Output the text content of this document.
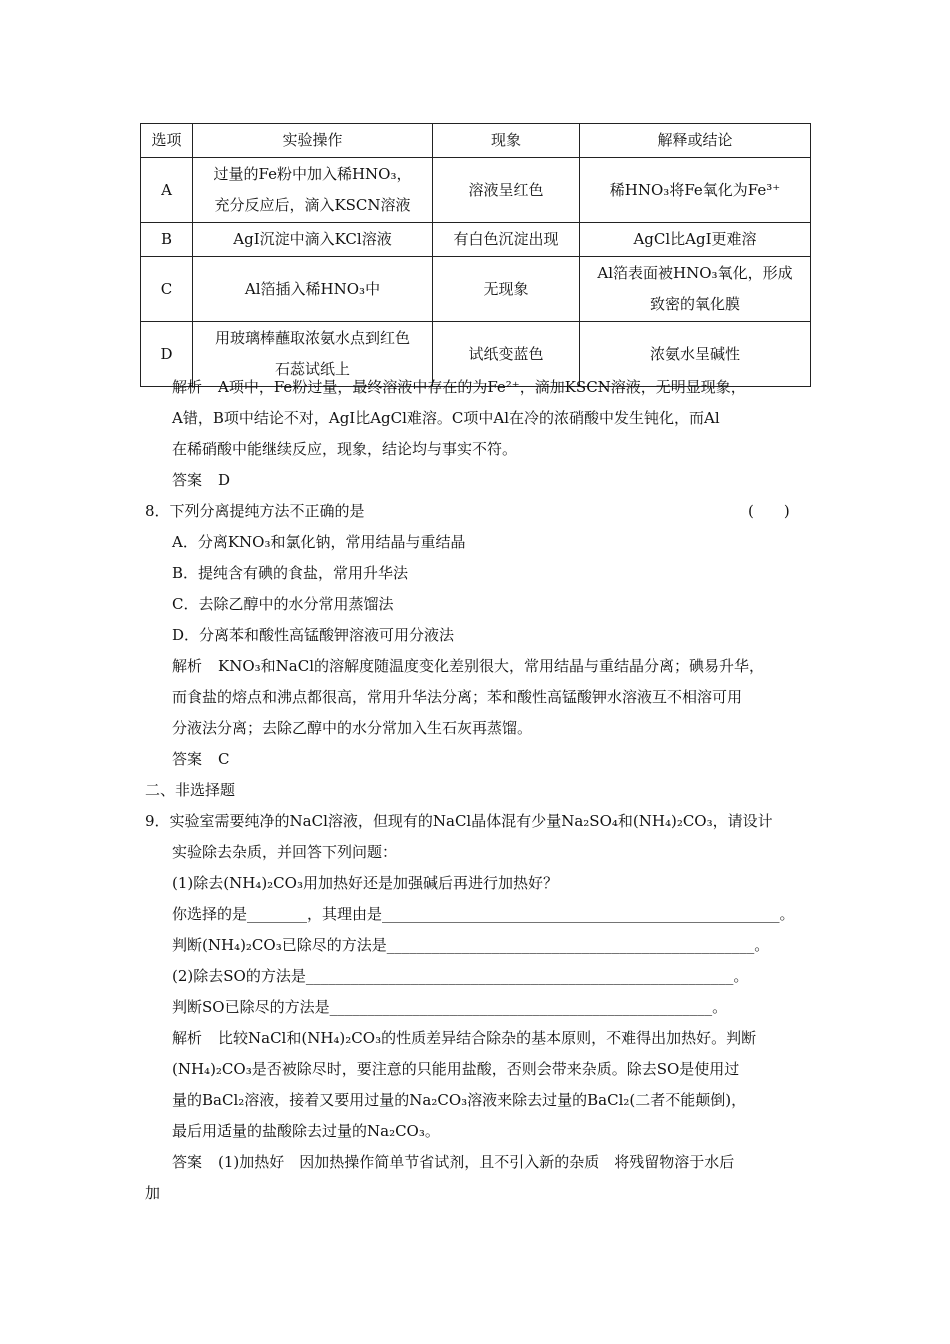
选项	实验操作	现象	解释或结论
A	过量的Fe粉中加入稀HNO₃，
充分反应后，滴入KSCN溶液	溶液呈红色	稀HNO₃将Fe氧化为Fe³⁺
B	AgI沉淀中滴入KCl溶液	有白色沉淀出现	AgCl比AgI更难溶
C	Al箔插入稀HNO₃中	无现象	Al箔表面被HNO₃氧化，形成
致密的氧化膜

D	用玻璃棒蘸取浓氨水点到红色
石蕊试纸上	试纸变蓝色	浓氨水呈碱性
解析 A项中，Fe粉过量，最终溶液中存在的为Fe²⁺，滴加KSCN溶液，无明显现象，
A错，B项中结论不对，AgI比AgCl难溶。C项中Al在冷的浓硝酸中发生钝化，而Al
在稀硝酸中能继续反应，现象，结论均与事实不符。
答案 D
8．下列分离提纯方法不正确的是	(　　)
A．分离KNO₃和氯化钠，常用结晶与重结晶
B．提纯含有碘的食盐，常用升华法
C．去除乙醇中的水分常用蒸馏法
D．分离苯和酸性高锰酸钾溶液可用分液法
解析 KNO₃和NaCl的溶解度随温度变化差别很大，常用结晶与重结晶分离；碘易升华，
而食盐的熔点和沸点都很高，常用升华法分离；苯和酸性高锰酸钾水溶液互不相溶可用
分液法分离；去除乙醇中的水分常加入生石灰再蒸馏。
答案 C
二、非选择题
9．实验室需要纯净的NaCl溶液，但现有的NaCl晶体混有少量Na₂SO₄和(NH₄)₂CO₃，请设计
实验除去杂质，并回答下列问题：
(1)除去(NH₄)₂CO₃用加热好还是加强碱后再进行加热好？
你选择的是________，其理由是_____________________________________________________。
判断(NH₄)₂CO₃已除尽的方法是_________________________________________________。
(2)除去SO的方法是_________________________________________________________。
判断SO已除尽的方法是___________________________________________________。
解析 比较NaCl和(NH₄)₂CO₃的性质差异结合除杂的基本原则，不难得出加热好。判断
(NH₄)₂CO₃是否被除尽时，要注意的只能用盐酸，否则会带来杂质。除去SO是使用过
量的BaCl₂溶液，接着又要用过量的Na₂CO₃溶液来除去过量的BaCl₂(二者不能颠倒)，
最后用适量的盐酸除去过量的Na₂CO₃。
答案 (1)加热好　因加热操作简单节省试剂，且不引入新的杂质　将残留物溶于水后
加
